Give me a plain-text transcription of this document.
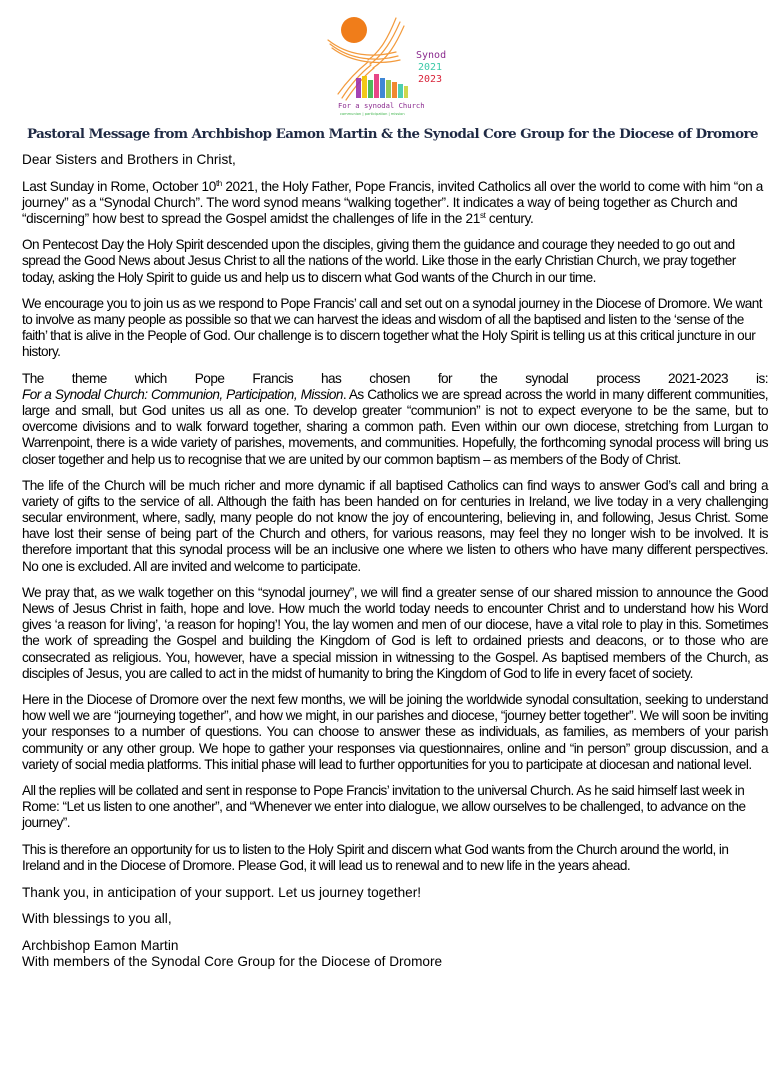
Synod
2021
2023
For a synodal Church
communion | participation | mission
Pastoral Message from Archbishop Eamon Martin & the Synodal Core Group for the Diocese of Dromore

Dear Sisters and Brothers in Christ,

Last Sunday in Rome, October 10th 2021, the Holy Father, Pope Francis, invited Catholics all over the world to come with him “on a journey” as a “Synodal Church”. The word synod means “walking together”. It indicates a way of being together as Church and “discerning” how best to spread the Gospel amidst the challenges of life in the 21st century.

On Pentecost Day the Holy Spirit descended upon the disciples, giving them the guidance and courage they needed to go out and spread the Good News about Jesus Christ to all the nations of the world. Like those in the early Christian Church, we pray together today, asking the Holy Spirit to guide us and help us to discern what God wants of the Church in our time.

We encourage you to join us as we respond to Pope Francis’ call and set out on a synodal journey in the Diocese of Dromore. We want to involve as many people as possible so that we can harvest the ideas and wisdom of all the baptised and listen to the ‘sense of the faith’ that is alive in the People of God. Our challenge is to discern together what the Holy Spirit is telling us at this critical juncture in our history.

The theme which Pope Francis has chosen for the synodal process 2021-2023 is:
For a Synodal Church: Communion, Participation, Mission. As Catholics we are spread across the world in many different communities, large and small, but God unites us all as one. To develop greater “communion” is not to expect everyone to be the same, but to overcome divisions and to walk forward together, sharing a common path. Even within our own diocese, stretching from Lurgan to Warrenpoint, there is a wide variety of parishes, movements, and communities. Hopefully, the forthcoming synodal process will bring us closer together and help us to recognise that we are united by our common baptism – as members of the Body of Christ.

The life of the Church will be much richer and more dynamic if all baptised Catholics can find ways to answer God’s call and bring a variety of gifts to the service of all. Although the faith has been handed on for centuries in Ireland, we live today in a very challenging secular environment, where, sadly, many people do not know the joy of encountering, believing in, and following, Jesus Christ. Some have lost their sense of being part of the Church and others, for various reasons, may feel they no longer wish to be involved. It is therefore important that this synodal process will be an inclusive one where we listen to others who have many different perspectives. No one is excluded. All are invited and welcome to participate.

We pray that, as we walk together on this “synodal journey”, we will find a greater sense of our shared mission to announce the Good News of Jesus Christ in faith, hope and love. How much the world today needs to encounter Christ and to understand how his Word gives ‘a reason for living’, ‘a reason for hoping’! You, the lay women and men of our diocese, have a vital role to play in this. Sometimes the work of spreading the Gospel and building the Kingdom of God is left to ordained priests and deacons, or to those who are consecrated as religious. You, however, have a special mission in witnessing to the Gospel. As baptised members of the Church, as disciples of Jesus, you are called to act in the midst of humanity to bring the Kingdom of God to life in every facet of society.

Here in the Diocese of Dromore over the next few months, we will be joining the worldwide synodal consultation, seeking to understand how well we are “journeying together”, and how we might, in our parishes and diocese, “journey better together”. We will soon be inviting your responses to a number of questions. You can choose to answer these as individuals, as families, as members of your parish community or any other group. We hope to gather your responses via questionnaires, online and “in person” group discussion, and a variety of social media platforms. This initial phase will lead to further opportunities for you to participate at diocesan and national level.

All the replies will be collated and sent in response to Pope Francis’ invitation to the universal Church. As he said himself last week in Rome: “Let us listen to one another”, and “Whenever we enter into dialogue, we allow ourselves to be challenged, to advance on the journey”.

This is therefore an opportunity for us to listen to the Holy Spirit and discern what God wants from the Church around the world, in Ireland and in the Diocese of Dromore. Please God, it will lead us to renewal and to new life in the years ahead.

Thank you, in anticipation of your support. Let us journey together!

With blessings to you all,

Archbishop Eamon Martin

With members of the Synodal Core Group for the Diocese of Dromore
